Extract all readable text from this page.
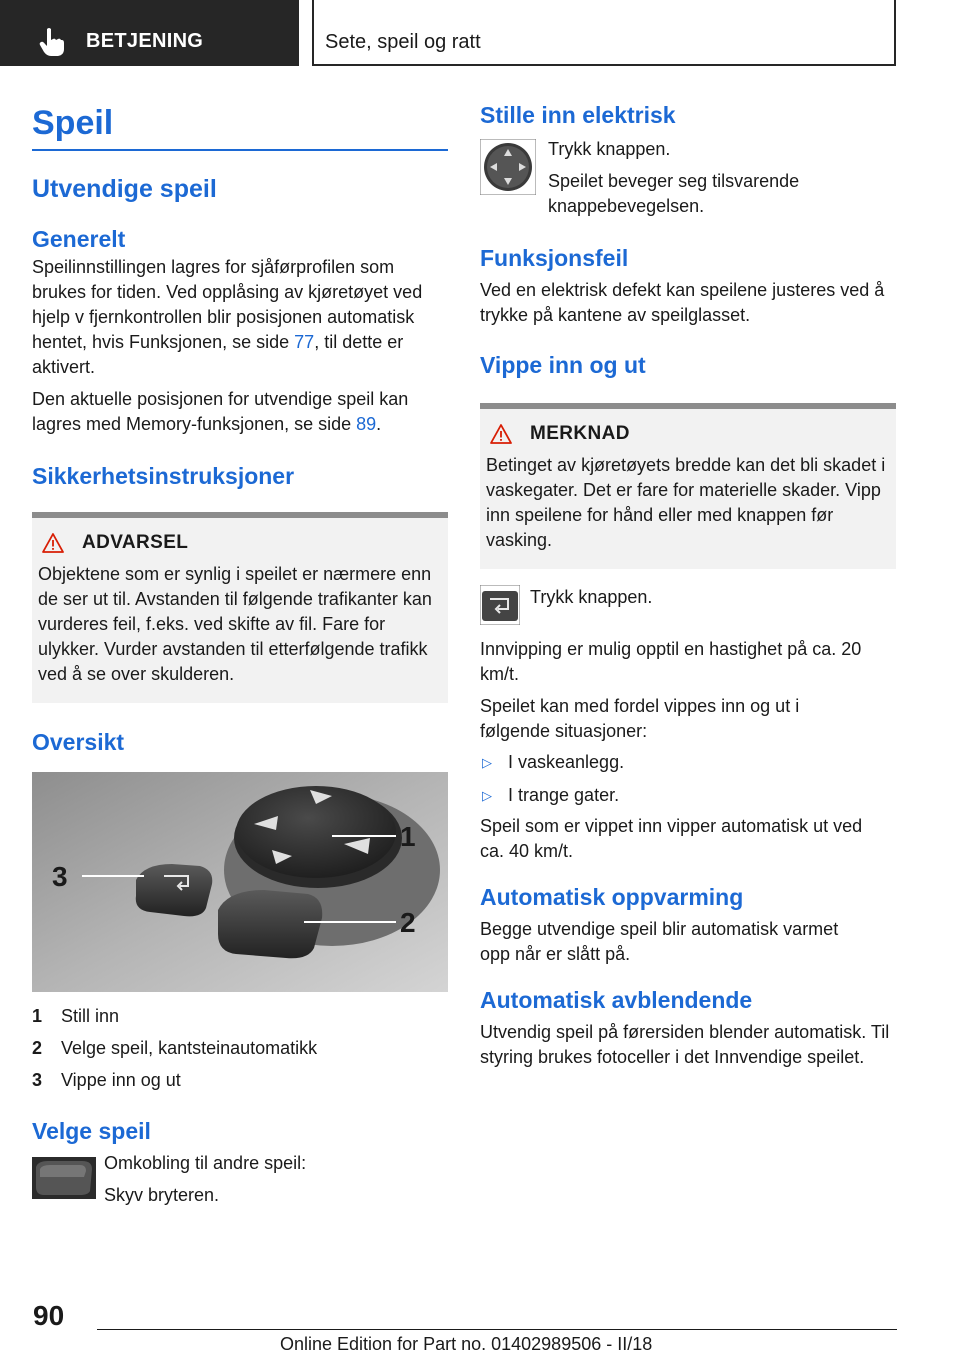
BETJENING	Sete, speil og ratt
Speil
Utvendige speil
Generelt

Speilinnstillingen lagres for sjåførprofilen som brukes for tiden. Ved opplåsing av kjøretøyet ved hjelp v fjernkontrollen blir posisjonen automatisk hentet, hvis Funksjonen, se side 77, til dette er aktivert.

Den aktuelle posisjonen for utvendige speil kan lagres med Memory-funksjonen, se side 89.

Sikkerhetsinstruksjoner
ADVARSEL

Objektene som er synlig i speilet er nærmere enn de ser ut til. Avstanden til følgende trafikanter kan vurderes feil, f.eks. ved skifte av fil. Fare for ulykker. Vurder avstanden til etterfølgende trafikk ved å se over skulderen.

Oversikt
1
2
3
1	Still inn
2	Velge speil, kantsteinautomatikk
3	Vippe inn og ut
Velge speil

Omkobling til andre speil:

Skyv bryteren.

Stille inn elektrisk

Trykk knappen.

Speilet beveger seg tilsvarende knappebevegelsen.

Funksjonsfeil

Ved en elektrisk defekt kan speilene justeres ved å trykke på kantene av speilglasset.

Vippe inn og ut
MERKNAD

Betinget av kjøretøyets bredde kan det bli skadet i vaskegater. Det er fare for materielle skader. Vipp inn speilene for hånd eller med knappen før vasking.

Trykk knappen.

Innvipping er mulig opptil en hastighet på ca. 20 km/t.

Speilet kan med fordel vippes inn og ut i følgende situasjoner:

▷ I vaskeanlegg.
▷ I trange gater.

Speil som er vippet inn vipper automatisk ut ved ca. 40 km/t.

Automatisk oppvarming

Begge utvendige speil blir automatisk varmet opp når er slått på.

Automatisk avblendende

Utvendig speil på førersiden blender automatisk. Til styring brukes fotoceller i det Innvendige speilet.

90
Online Edition for Part no. 01402989506 - II/18
